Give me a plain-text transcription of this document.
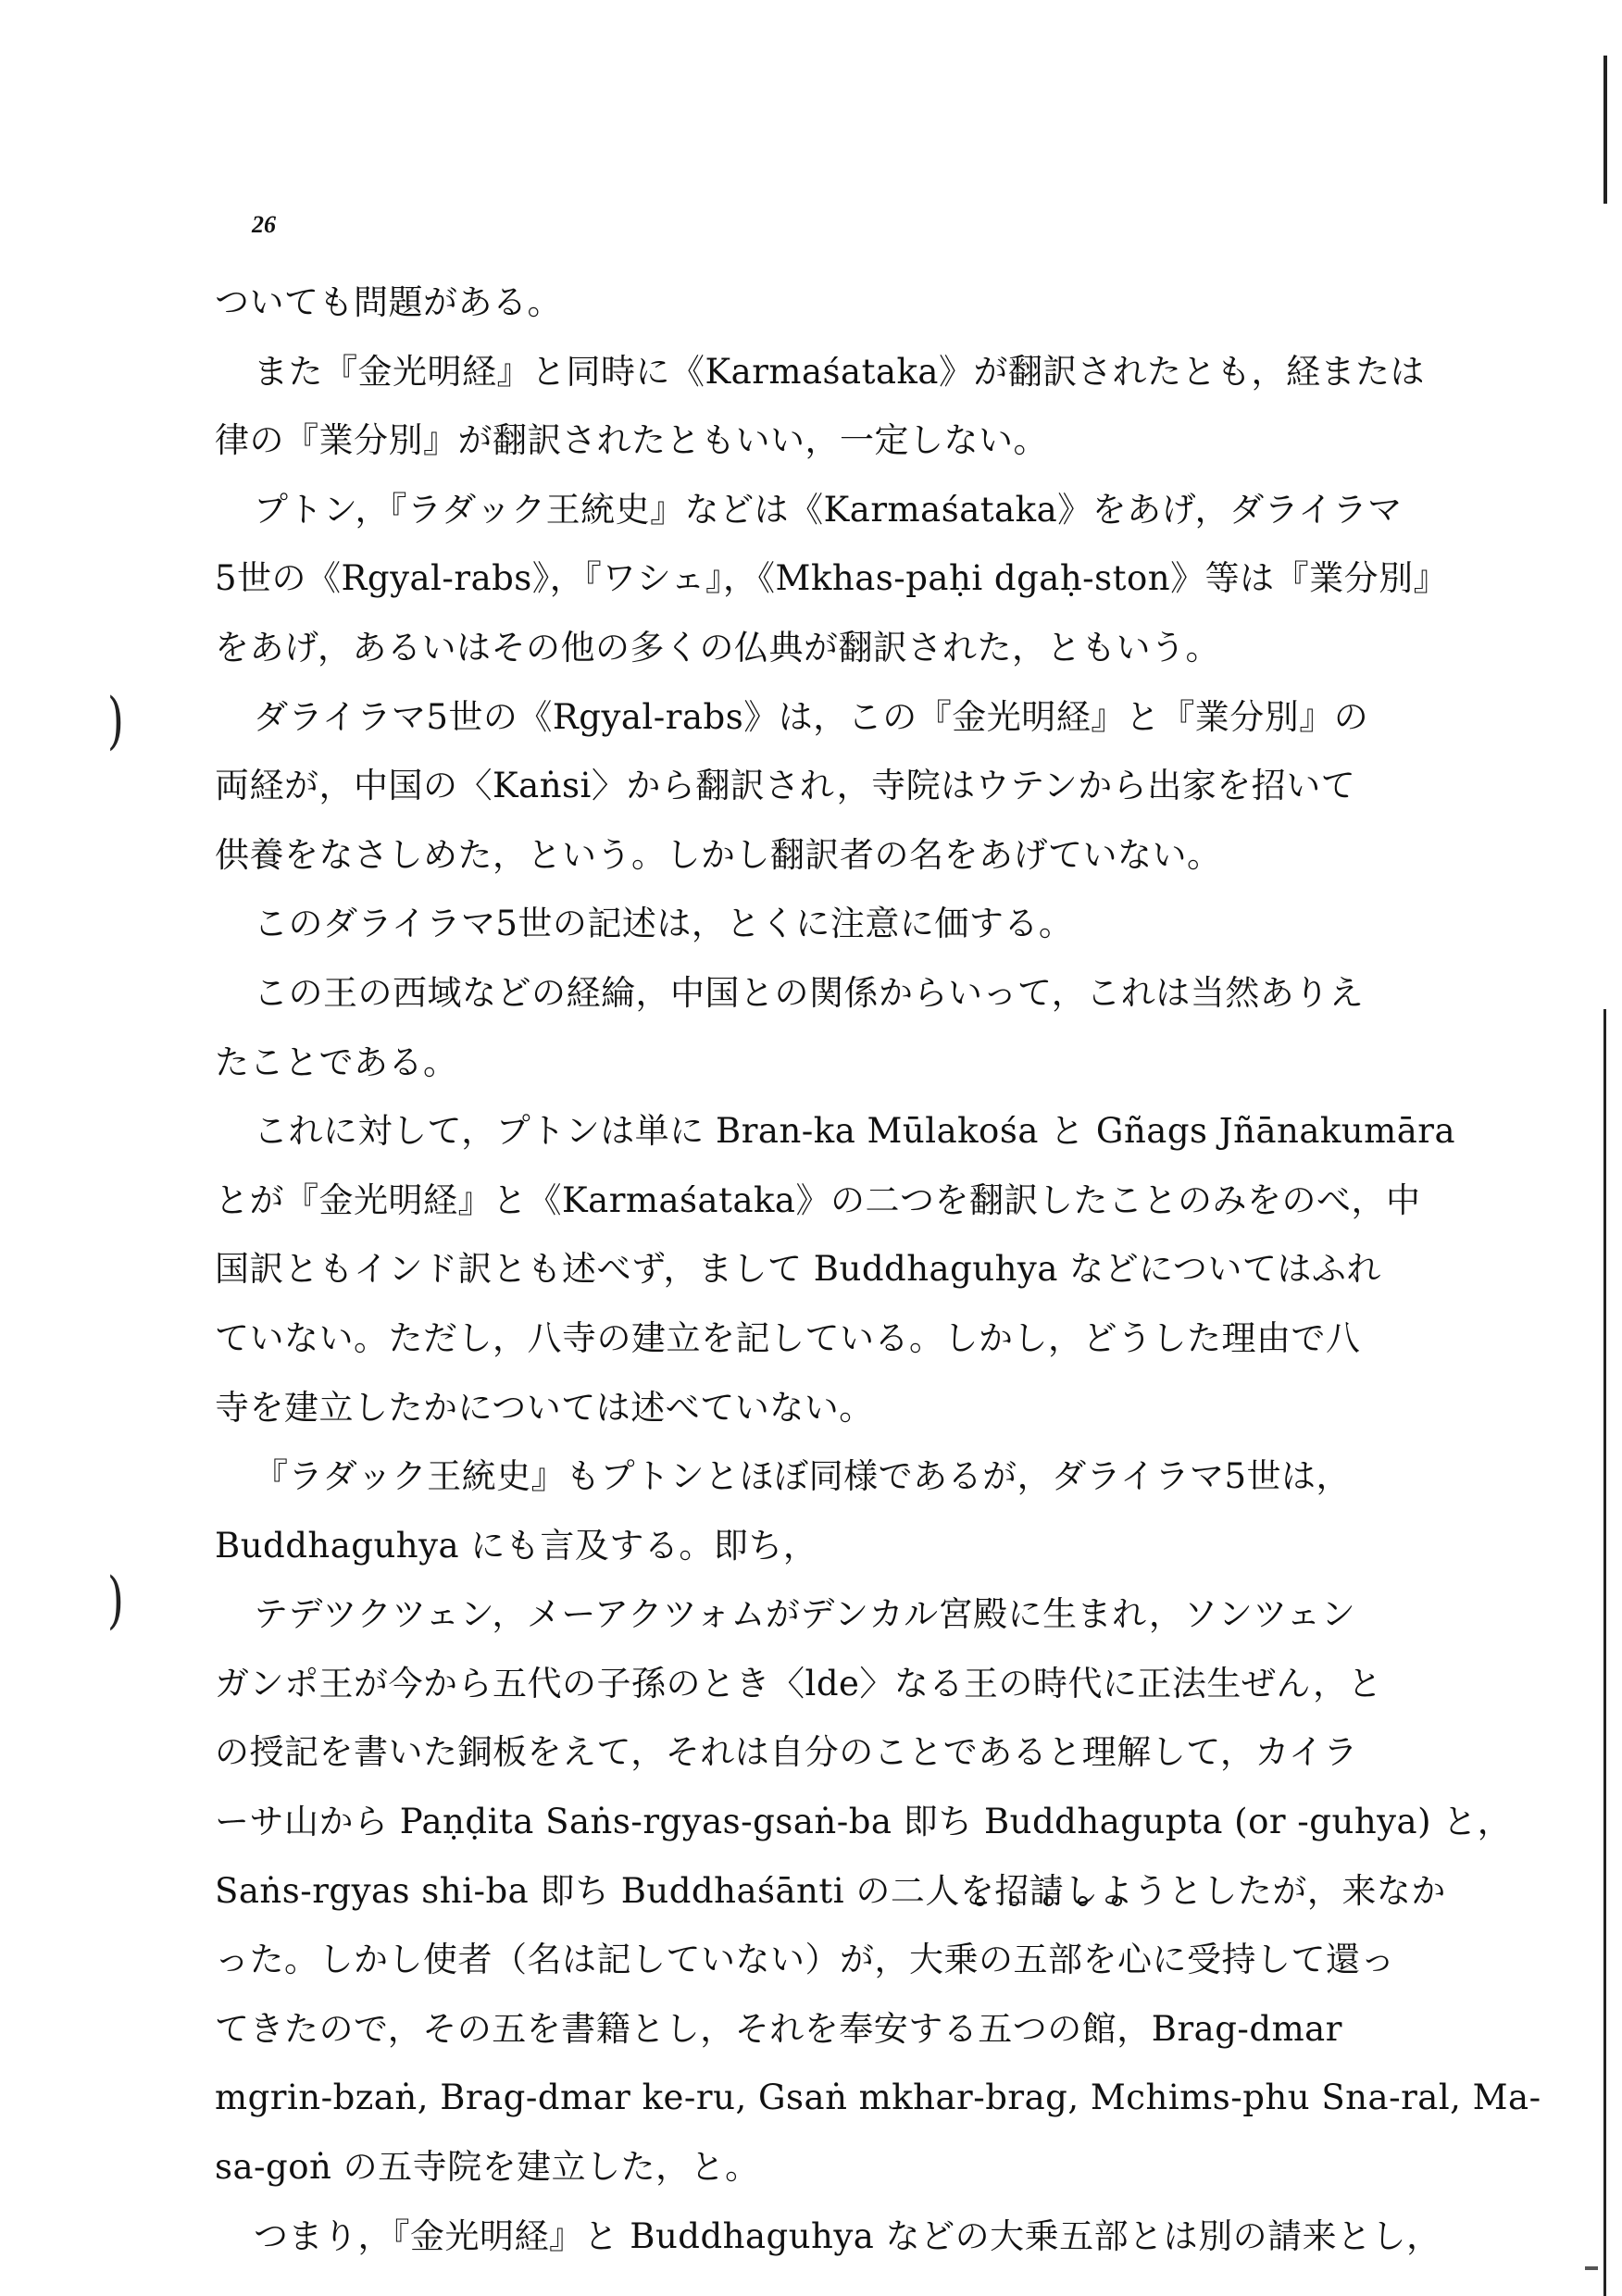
26
ついても問題がある。
また『金光明経』と同時に《Karmaśataka》が翻訳されたとも，経または
律の『業分別』が翻訳されたともいい，一定しない。
プトン，『ラダック王統史』などは《Karmaśataka》をあげ，ダライラマ
5世の《Rgyal-rabs》，『ワシェ』，《Mkhas-paḥi dgaḥ-ston》等は『業分別』
をあげ，あるいはその他の多くの仏典が翻訳された，ともいう。
ダライラマ5世の《Rgyal-rabs》は，この『金光明経』と『業分別』の
両経が，中国の〈Kaṅsi〉から翻訳され，寺院はウテンから出家を招いて
供養をなさしめた，という。しかし翻訳者の名をあげていない。
このダライラマ5世の記述は，とくに注意に価する。
この王の西域などの経綸，中国との関係からいって，これは当然ありえ
たことである。
これに対して，プトンは単に Bran-ka Mūlakośa と Gñags Jñānakumāra
とが『金光明経』と《Karmaśataka》の二つを翻訳したことのみをのべ，中
国訳ともインド訳とも述べず，まして Buddhaguhya などについてはふれ
ていない。ただし，八寺の建立を記している。しかし，どうした理由で八
寺を建立したかについては述べていない。
『ラダック王統史』もプトンとほぼ同様であるが，ダライラマ5世は，
Buddhaguhya にも言及する。即ち，
テデツクツェン，メーアクツォムがデンカル宮殿に生まれ，ソンツェン
ガンポ王が今から五代の子孫のとき〈lde〉なる王の時代に正法生ぜん，と
の授記を書いた銅板をえて，それは自分のことであると理解して，カイラ
ーサ山から Paṇḍita Saṅs-rgyas-gsaṅ-ba 即ち Buddhagupta (or -guhya) と，
Saṅs-rgyas shi-ba 即ち Buddhaśānti の二人を招請しようとしたが，来なか
った。しかし使者（名は記していない）が，大乗の五部を心に受持して還っ
てきたので，その五を書籍とし，それを奉安する五つの館，Brag-dmar
mgrin-bzaṅ, Brag-dmar ke-ru, Gsaṅ mkhar-brag, Mchims-phu Sna-ral, Ma-
sa-goṅ の五寺院を建立した，と。
つまり，『金光明経』と Buddhaguhya などの大乗五部とは別の請来とし，
)
)
